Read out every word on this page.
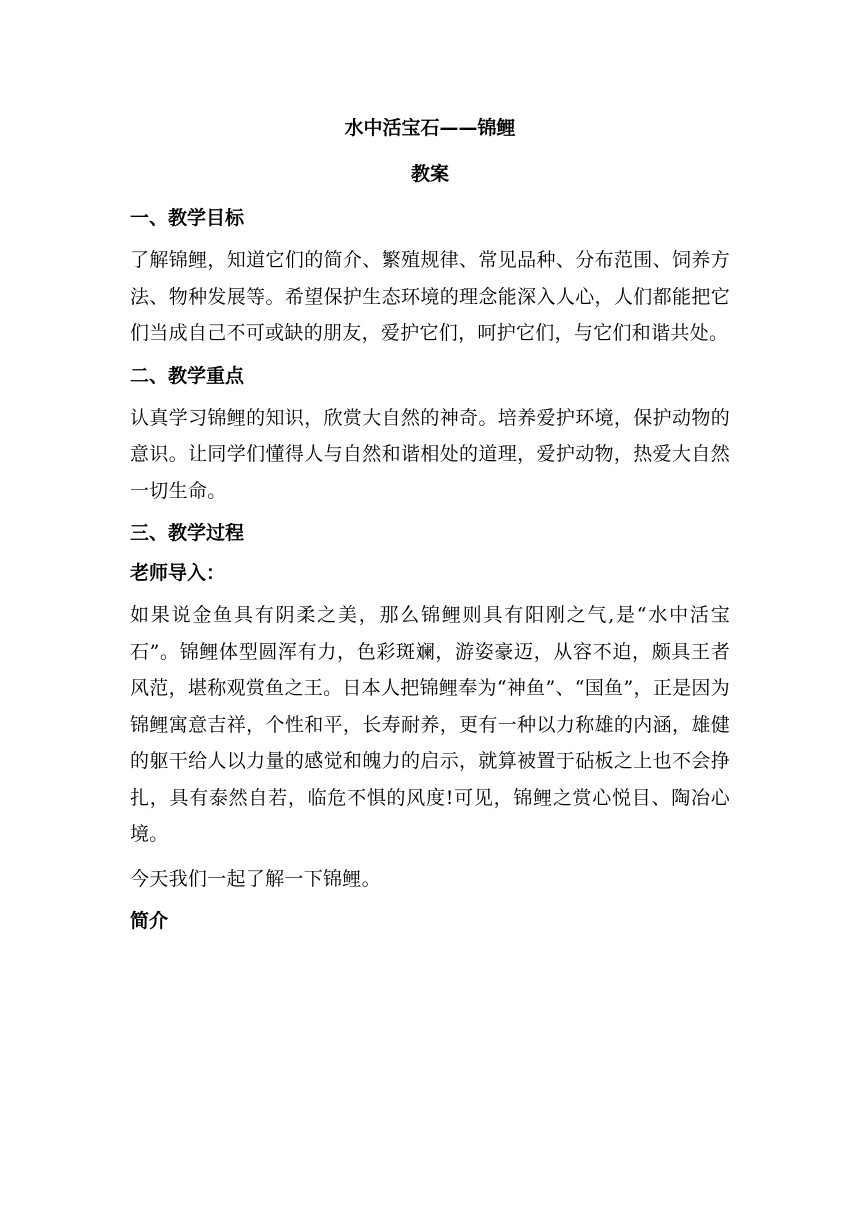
水中活宝石——锦鲤
教案
一、教学目标
了解锦鲤，知道它们的简介、繁殖规律、常见品种、分布范围、饲养方法、物种发展等。希望保护生态环境的理念能深入人心，人们都能把它们当成自己不可或缺的朋友，爱护它们，呵护它们，与它们和谐共处。
二、教学重点
认真学习锦鲤的知识，欣赏大自然的神奇。培养爱护环境，保护动物的意识。让同学们懂得人与自然和谐相处的道理，爱护动物，热爱大自然一切生命。
三、教学过程
老师导入：
如果说金鱼具有阴柔之美，那么锦鲤则具有阳刚之气,是“水中活宝石”。锦鲤体型圆浑有力，色彩斑斓，游姿豪迈，从容不迫，颇具王者风范，堪称观赏鱼之王。日本人把锦鲤奉为“神鱼”、“国鱼”，正是因为锦鲤寓意吉祥，个性和平，长寿耐养，更有一种以力称雄的内涵，雄健的躯干给人以力量的感觉和魄力的启示，就算被置于砧板之上也不会挣扎，具有泰然自若，临危不惧的风度!可见，锦鲤之赏心悦目、陶冶心境。
今天我们一起了解一下锦鲤。
简介
